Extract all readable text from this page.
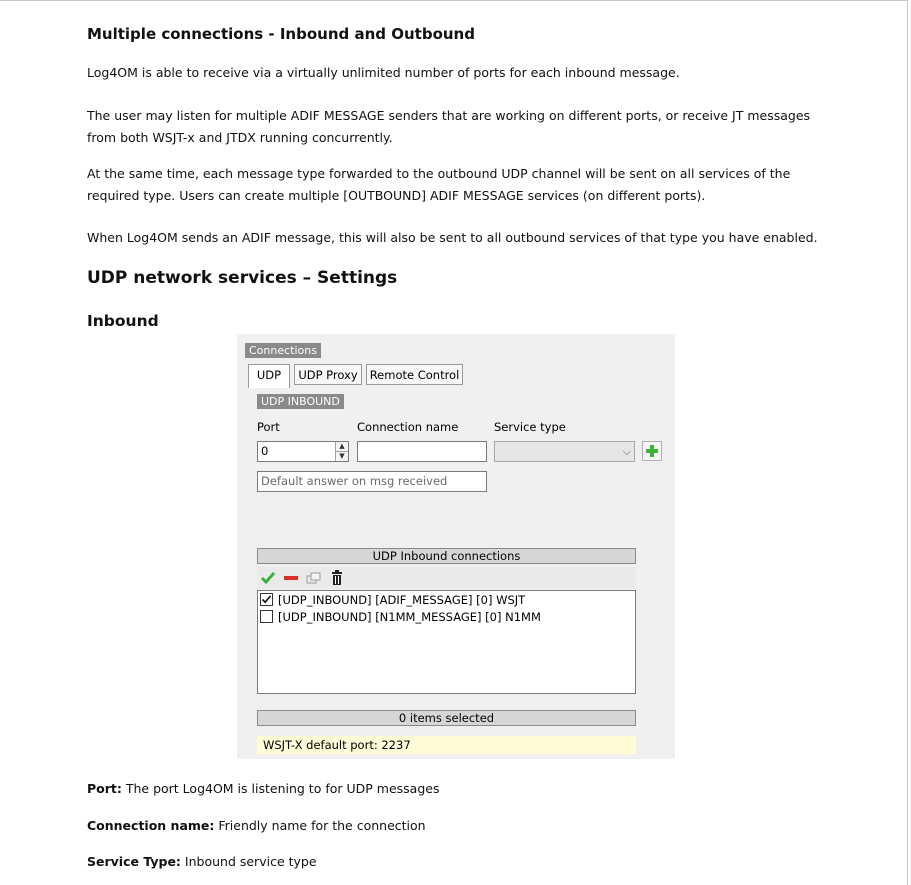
Multiple connections - Inbound and Outbound
Log4OM is able to receive via a virtually unlimited number of ports for each inbound message.
The user may listen for multiple ADIF MESSAGE senders that are working on different ports, or receive JT messages
from both WSJT-x and JTDX running concurrently.
At the same time, each message type forwarded to the outbound UDP channel will be sent on all services of the
required type. Users can create multiple [OUTBOUND] ADIF MESSAGE services (on different ports).
When Log4OM sends an ADIF message, this will also be sent to all outbound services of that type you have enabled.
UDP network services – Settings
Inbound
Connections
UDP	UDP Proxy	Remote Control
UDP INBOUND
Port	Connection name	Service type
0	▲
▼	⌵
Default answer on msg received
UDP Inbound connections
[UDP_INBOUND] [ADIF_MESSAGE] [0] WSJT
[UDP_INBOUND] [N1MM_MESSAGE] [0] N1MM
0 items selected
WSJT-X default port: 2237
Port: The port Log4OM is listening to for UDP messages
Connection name: Friendly name for the connection
Service Type: Inbound service type
